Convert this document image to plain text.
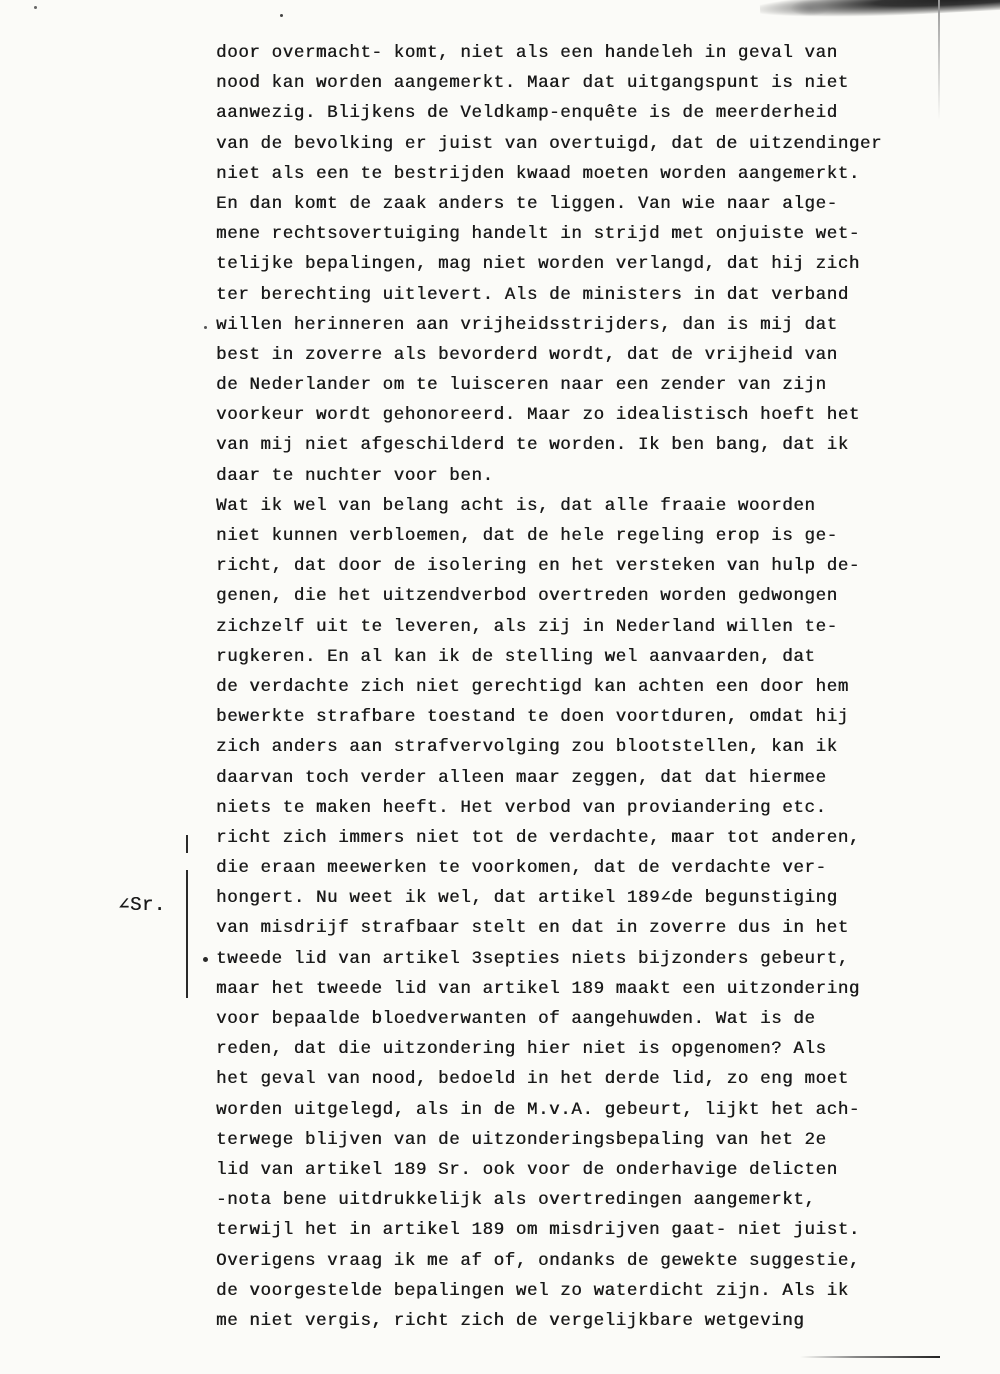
door overmacht- komt, niet als een handeleh in geval van
nood kan worden aangemerkt. Maar dat uitgangspunt is niet
aanwezig. Blijkens de Veldkamp-enquête is de meerderheid
van de bevolking er juist van overtuigd, dat de uitzendinger
niet als een te bestrijden kwaad moeten worden aangemerkt.
En dan komt de zaak anders te liggen. Van wie naar alge-
mene rechtsovertuiging handelt in strijd met onjuiste wet-
telijke bepalingen, mag niet worden verlangd, dat hij zich
ter berechting uitlevert. Als de ministers in dat verband
willen herinneren aan vrijheidsstrijders, dan is mij dat
best in zoverre als bevorderd wordt, dat de vrijheid van
de Nederlander om te luisceren naar een zender van zijn
voorkeur wordt gehonoreerd. Maar zo idealistisch hoeft het
van mij niet afgeschilderd te worden. Ik ben bang, dat ik
daar te nuchter voor ben.
Wat ik wel van belang acht is, dat alle fraaie woorden
niet kunnen verbloemen, dat de hele regeling erop is ge-
richt, dat door de isolering en het versteken van hulp de-
genen, die het uitzendverbod overtreden worden gedwongen
zichzelf uit te leveren, als zij in Nederland willen te-
rugkeren. En al kan ik de stelling wel aanvaarden, dat
de verdachte zich niet gerechtigd kan achten een door hem
bewerkte strafbare toestand te doen voortduren, omdat hij
zich anders aan strafvervolging zou blootstellen, kan ik
daarvan toch verder alleen maar zeggen, dat dat hiermee
niets te maken heeft. Het verbod van proviandering etc.
richt zich immers niet tot de verdachte, maar tot anderen,
die eraan meewerken te voorkomen, dat de verdachte ver-
hongert. Nu weet ik wel, dat artikel 189∠de begunstiging
van misdrijf strafbaar stelt en dat in zoverre dus in het
tweede lid van artikel 3septies niets bijzonders gebeurt,
maar het tweede lid van artikel 189 maakt een uitzondering
voor bepaalde bloedverwanten of aangehuwden. Wat is de
reden, dat die uitzondering hier niet is opgenomen? Als
het geval van nood, bedoeld in het derde lid, zo eng moet
worden uitgelegd, als in de M.v.A. gebeurt, lijkt het ach-
terwege blijven van de uitzonderingsbepaling van het 2e
lid van artikel 189 Sr. ook voor de onderhavige delicten
-nota bene uitdrukkelijk als overtredingen aangemerkt,
terwijl het in artikel 189 om misdrijven gaat- niet juist.
Overigens vraag ik me af of, ondanks de gewekte suggestie,
de voorgestelde bepalingen wel zo waterdicht zijn. Als ik
me niet vergis, richt zich de vergelijkbare wetgeving
∠Sr.
